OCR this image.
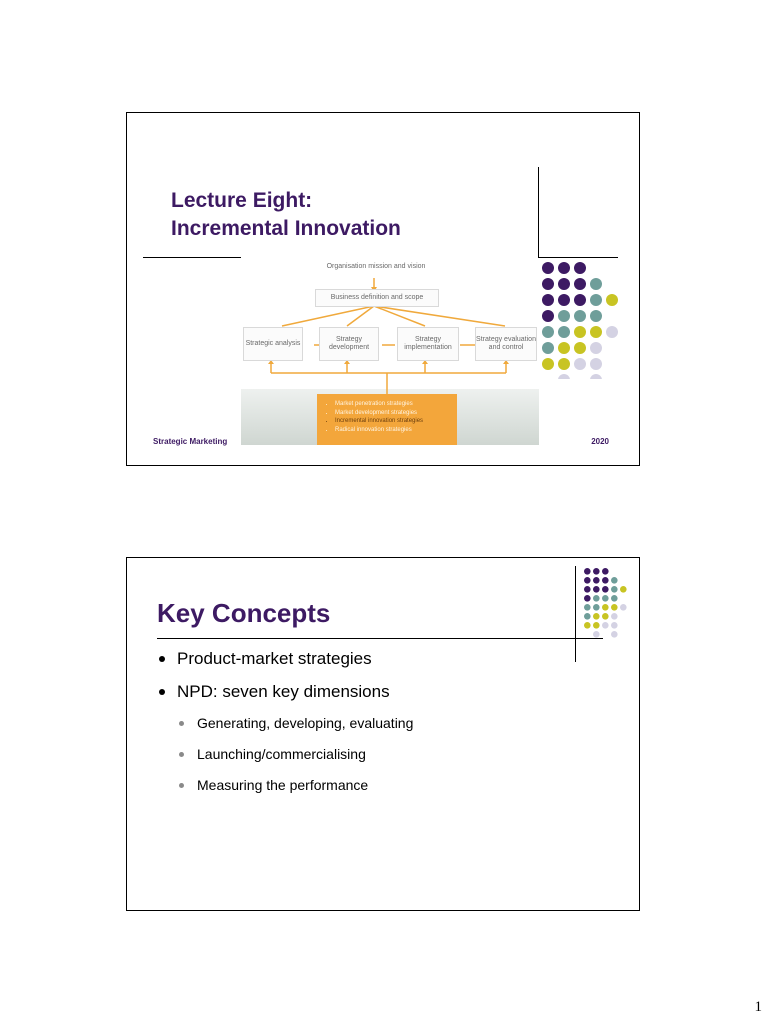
Lecture Eight:
Incremental Innovation
Organisation mission and vision
Business definition and scope
Strategic analysis
Strategy development
Strategy implementation
Strategy evaluation and control
• Market penetration strategies
• Market development strategies
• Incremental innovation strategies
• Radical innovation strategies
Strategic Marketing	2020
Key Concepts
Product-market strategies
NPD: seven key dimensions
Generating, developing, evaluating
Launching/commercialising
Measuring the performance
1
